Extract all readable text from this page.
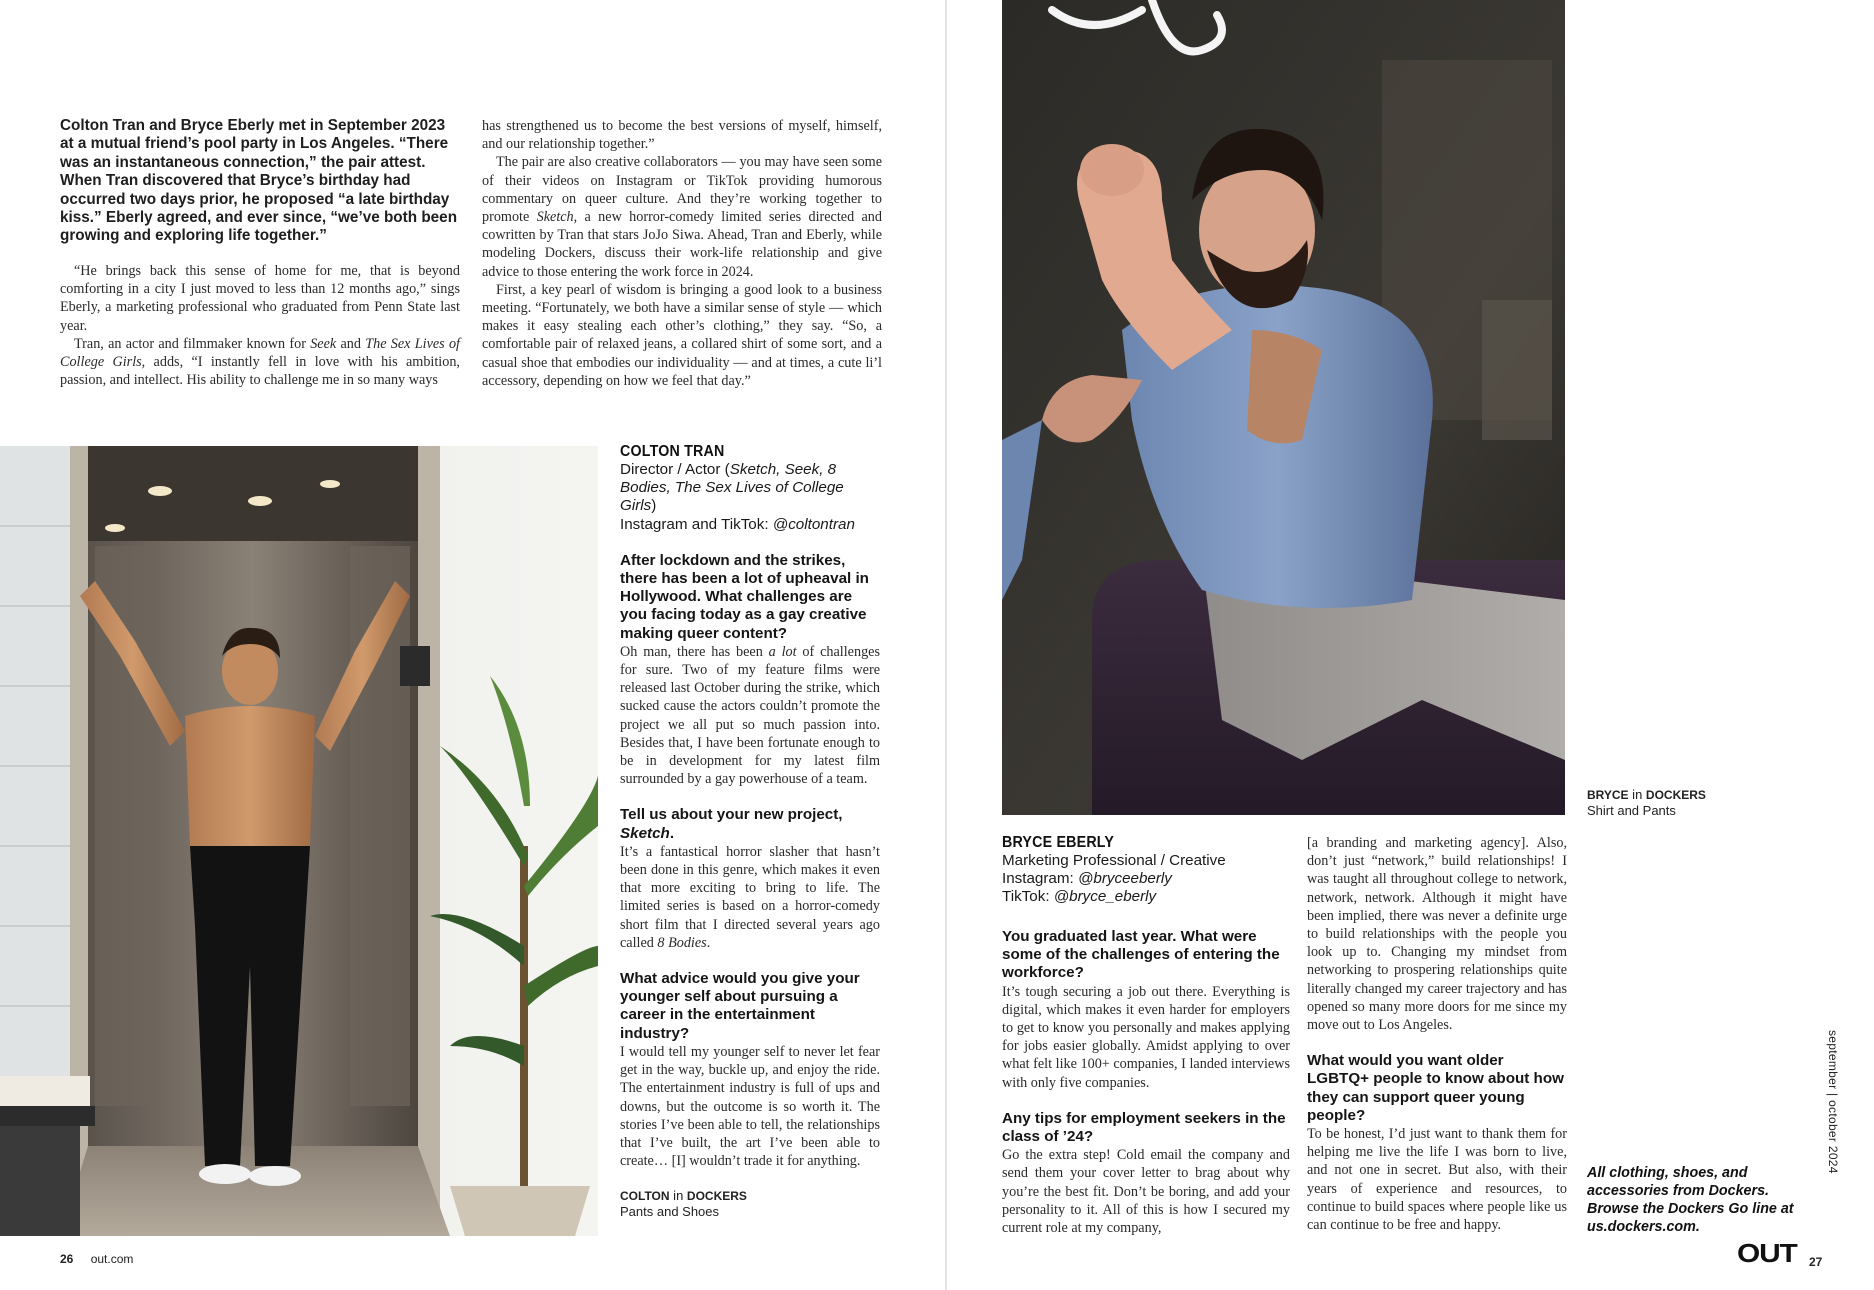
Colton Tran and Bryce Eberly met in September 2023 at a mutual friend’s pool party in Los Angeles. “There was an instantaneous connection,” the pair attest. When Tran discovered that Bryce’s birthday had occurred two days prior, he proposed “a late birthday kiss.” Eberly agreed, and ever since, “we’ve both been growing and exploring life together.”

“He brings back this sense of home for me, that is beyond comforting in a city I just moved to less than 12 months ago,” sings Eberly, a marketing professional who graduated from Penn State last year.

Tran, an actor and filmmaker known for Seek and The Sex Lives of College Girls, adds, “I instantly fell in love with his ambition, passion, and intellect. His ability to challenge me in so many ways

has strengthened us to become the best versions of myself, himself, and our relationship together.”

The pair are also creative collaborators — you may have seen some of their videos on Instagram or TikTok providing humorous commentary on queer culture. And they’re working together to promote Sketch, a new horror-comedy limited series directed and cowritten by Tran that stars JoJo Siwa. Ahead, Tran and Eberly, while modeling Dockers, discuss their work-life relationship and give advice to those entering the work force in 2024.

First, a key pearl of wisdom is bringing a good look to a business meeting. “Fortunately, we both have a similar sense of style — which makes it easy stealing each other’s clothing,” they say. “So, a comfortable pair of relaxed jeans, a collared shirt of some sort, and a casual shoe that embodies our individuality — and at times, a cute li’l accessory, depending on how we feel that day.”

COLTON TRAN
Director / Actor (Sketch, Seek, 8 Bodies, The Sex Lives of College Girls)
Instagram and TikTok: @coltontran
After lockdown and the strikes, there has been a lot of upheaval in Hollywood. What challenges are you facing today as a gay creative making queer content?
Oh man, there has been a lot of challenges for sure. Two of my feature films were released last October during the strike, which sucked cause the actors couldn’t promote the project we all put so much passion into. Besides that, I have been fortunate enough to be in development for my latest film surrounded by a gay powerhouse of a team.
Tell us about your new project, Sketch.
It’s a fantastical horror slasher that hasn’t been done in this genre, which makes it even that more exciting to bring to life. The limited series is based on a horror-comedy short film that I directed several years ago called 8 Bodies.
What advice would you give your younger self about pursuing a career in the entertainment industry?
I would tell my younger self to never let fear get in the way, buckle up, and enjoy the ride. The entertainment industry is full of ups and downs, but the outcome is so worth it. The stories I’ve been able to tell, the relationships that I’ve built, the art I’ve been able to create… [I] wouldn’t trade it for anything.
COLTON in DOCKERS
Pants and Shoes
26 out.com
BRYCE EBERLY
Marketing Professional / Creative
Instagram: @bryceeberly
TikTok: @bryce_eberly
You graduated last year. What were some of the challenges of entering the workforce?
It’s tough securing a job out there. Everything is digital, which makes it even harder for employers to get to know you personally and makes applying for jobs easier globally. Amidst applying to over what felt like 100+ companies, I landed interviews with only five companies.
Any tips for employment seekers in the class of ’24?
Go the extra step! Cold email the company and send them your cover letter to brag about why you’re the best fit. Don’t be boring, and add your personality to it. All of this is how I secured my current role at my company,
[a branding and marketing agency]. Also, don’t just “network,” build relationships! I was taught all throughout college to network, network, network. Although it might have been implied, there was never a definite urge to build relationships with the people you look up to. Changing my mindset from networking to prospering relationships quite literally changed my career trajectory and has opened so many more doors for me since my move out to Los Angeles.
What would you want older LGBTQ+ people to know about how they can support queer young people?
To be honest, I’d just want to thank them for helping me live the life I was born to live, and not one in secret. But also, with their years of experience and resources, to continue to build spaces where people like us can continue to be free and happy.
BRYCE in DOCKERS
Shirt and Pants
All clothing, shoes, and accessories from Dockers. Browse the Dockers Go line at us.dockers.com.
september | october 2024
OUT 27
